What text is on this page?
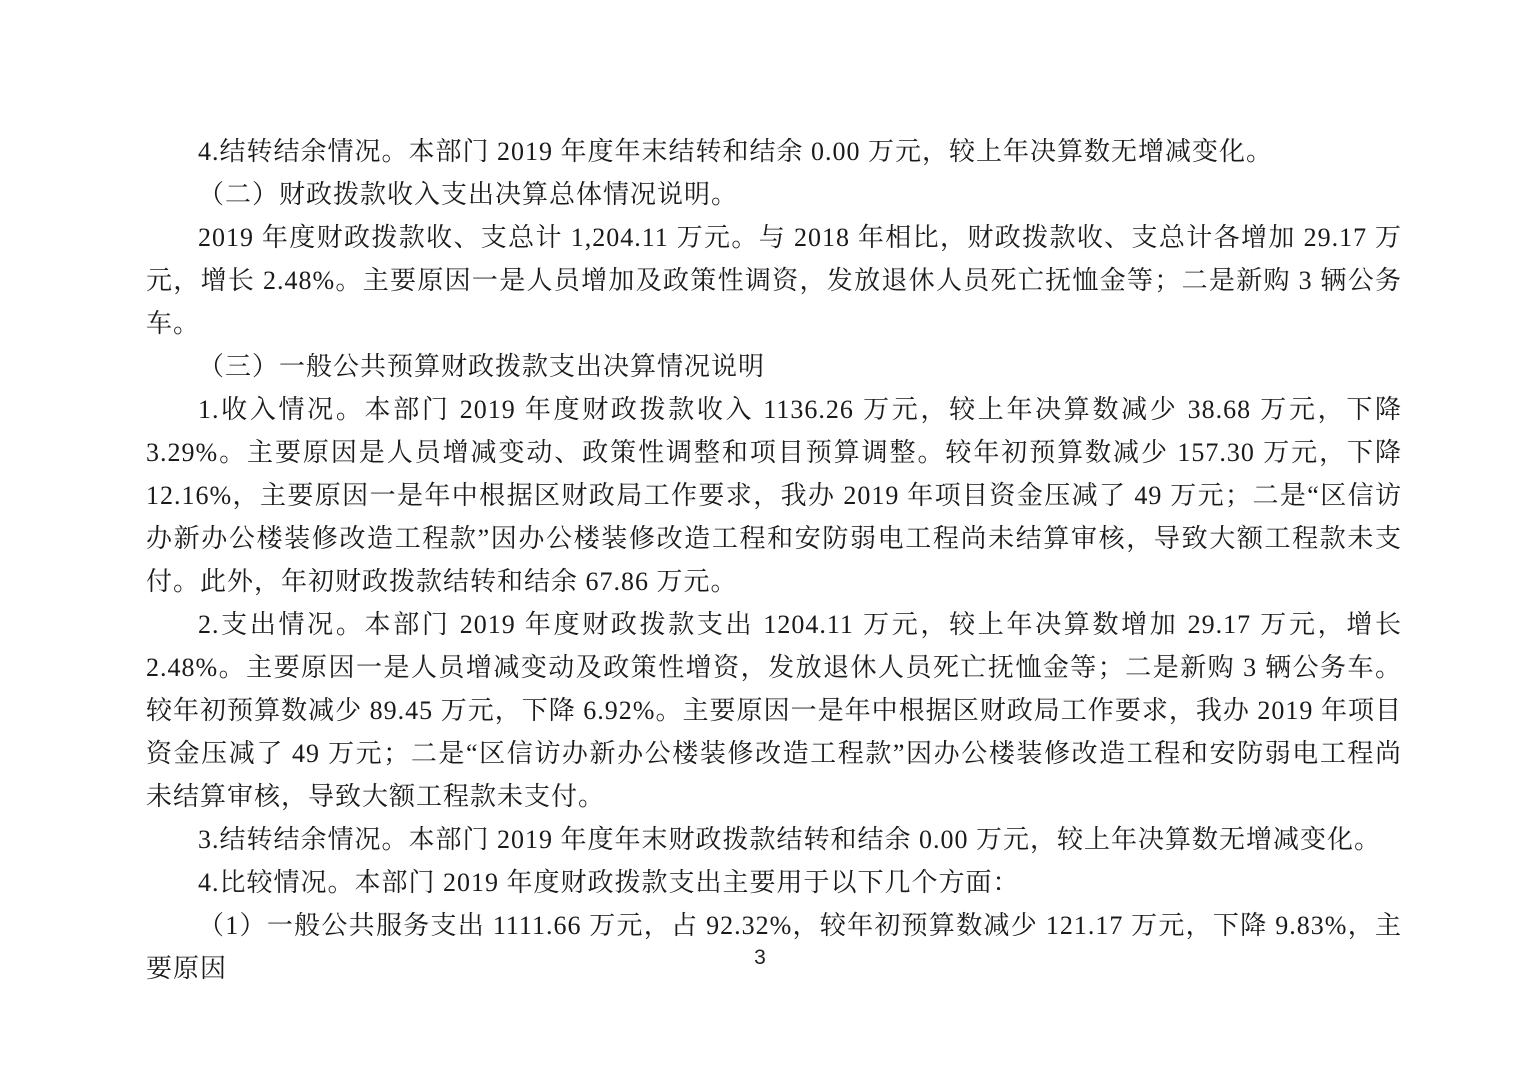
4.结转结余情况。本部门 2019 年度年末结转和结余 0.00 万元，较上年决算数无增减变化。

（二）财政拨款收入支出决算总体情况说明。

2019 年度财政拨款收、支总计 1,204.11 万元。与 2018 年相比，财政拨款收、支总计各增加 29.17 万元，增长 2.48%。主要原因一是人员增加及政策性调资，发放退休人员死亡抚恤金等；二是新购 3 辆公务车。

（三）一般公共预算财政拨款支出决算情况说明

1.收入情况。本部门 2019 年度财政拨款收入 1136.26 万元，较上年决算数减少 38.68 万元，下降 3.29%。主要原因是人员增减变动、政策性调整和项目预算调整。较年初预算数减少 157.30 万元，下降 12.16%，主要原因一是年中根据区财政局工作要求，我办 2019 年项目资金压减了 49 万元；二是“区信访办新办公楼装修改造工程款”因办公楼装修改造工程和安防弱电工程尚未结算审核，导致大额工程款未支付。此外，年初财政拨款结转和结余 67.86 万元。

2.支出情况。本部门 2019 年度财政拨款支出 1204.11 万元，较上年决算数增加 29.17 万元，增长 2.48%。主要原因一是人员增减变动及政策性增资，发放退休人员死亡抚恤金等；二是新购 3 辆公务车。较年初预算数减少 89.45 万元，下降 6.92%。主要原因一是年中根据区财政局工作要求，我办 2019 年项目资金压减了 49 万元；二是“区信访办新办公楼装修改造工程款”因办公楼装修改造工程和安防弱电工程尚未结算审核，导致大额工程款未支付。

3.结转结余情况。本部门 2019 年度年末财政拨款结转和结余 0.00 万元，较上年决算数无增减变化。

4.比较情况。本部门 2019 年度财政拨款支出主要用于以下几个方面：

（1）一般公共服务支出 1111.66 万元，占 92.32%，较年初预算数减少 121.17 万元，下降 9.83%，主要原因	3
